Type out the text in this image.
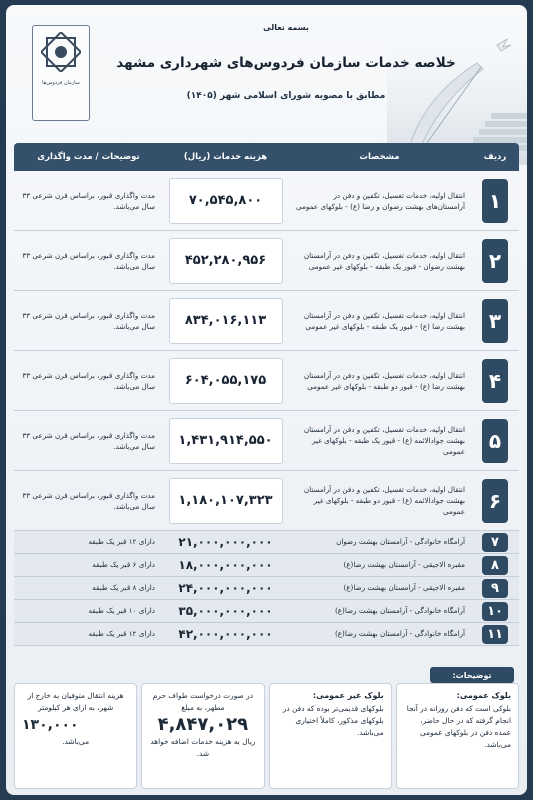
سازمان فردوس‌ها
بسمه تعالی
خلاصه خدمات سازمان فردوس‌های شهرداری مشهد
مطابق با مصوبه شورای اسلامی شهر (۱۴۰۵)
ردیف
مشخصات
هزینه خدمات (ریال)
توضیحات / مدت واگذاری
۱
انتقال اولیه، خدمات تغسیل، تکفین و دفن در آرامستان‌های بهشت رضوان و رضا (ع) - بلوکهای عمومی
۷۰,۵۴۵,۸۰۰
مدت واگذاری قبور، براساس قرن شرعی ۳۳ سال می‌باشد.
۲
انتقال اولیه، خدمات تغسیل، تکفین و دفن در آرامستان بهشت رضوان - قبور یک طبقه - بلوکهای غیر عمومی
۴۵۲,۲۸۰,۹۵۶
مدت واگذاری قبور، براساس قرن شرعی ۳۳ سال می‌باشد.
۳
انتقال اولیه، خدمات تغسیل، تکفین و دفن در آرامستان بهشت رضا (ع) - قبور یک طبقه - بلوکهای غیر عمومی
۸۳۴,۰۱۶,۱۱۳
مدت واگذاری قبور، براساس قرن شرعی ۳۳ سال می‌باشد.
۴
انتقال اولیه، خدمات تغسیل، تکفین و دفن در آرامستان بهشت رضا (ع) - قبور دو طبقه - بلوکهای غیر عمومی
۶۰۴,۰۵۵,۱۷۵
مدت واگذاری قبور، براساس قرن شرعی ۳۳ سال می‌باشد.
۵
انتقال اولیه، خدمات تغسیل، تکفین و دفن در آرامستان بهشت جوادالائمه (ع) - قبور یک طبقه - بلوکهای غیر عمومی
۱,۴۳۱,۹۱۴,۵۵۰
مدت واگذاری قبور، براساس قرن شرعی ۳۳ سال می‌باشد.
۶
انتقال اولیه، خدمات تغسیل، تکفین و دفن در آرامستان بهشت جوادالائمه (ع) - قبور دو طبقه - بلوکهای غیر عمومی
۱,۱۸۰,۱۰۷,۳۲۳
مدت واگذاری قبور، براساس قرن شرعی ۳۳ سال می‌باشد.
۷
آرامگاه خانوادگی - آرامستان بهشت رضوان
۲۱,۰۰۰,۰۰۰,۰۰۰
دارای ۱۲ قبر یک طبقه
۸
مقبره الاجیقی - آرامستان بهشت رضا(ع)
۱۸,۰۰۰,۰۰۰,۰۰۰
دارای ۶ قبر یک طبقه
۹
مقبره الاجیقی - آرامستان بهشت رضا(ع)
۲۴,۰۰۰,۰۰۰,۰۰۰
دارای ۸ قبر یک طبقه
۱۰
آرامگاه خانوادگی - آرامستان بهشت رضا(ع)
۳۵,۰۰۰,۰۰۰,۰۰۰
دارای ۱۰ قبر یک طبقه
۱۱
آرامگاه خانوادگی - آرامستان بهشت رضا(ع)
۴۲,۰۰۰,۰۰۰,۰۰۰
دارای ۱۲ قبر یک طبقه
توضیحات:
بلوک عمومی:
بلوکی است که دفن روزانه در آنجا انجام گرفته که در حال حاضر، عمده دفن در بلوکهای عمومی می‌باشد.
بلوک غیر عمومی:
بلوکهای قدیمی‌تر بوده که دفن در بلوکهای مذکور، کاملاً اختیاری می‌باشد.
در صورت درخواست طواف حرم مطهر، به مبلغ
۴,۸۴۷,۰۲۹
ریال به هزینه خدمات اضافه خواهد شد.
هزینه انتقال متوفیان به خارج از شهر، به ازای هر کیلومتر
۱۳۰,۰۰۰
می‌باشد.
